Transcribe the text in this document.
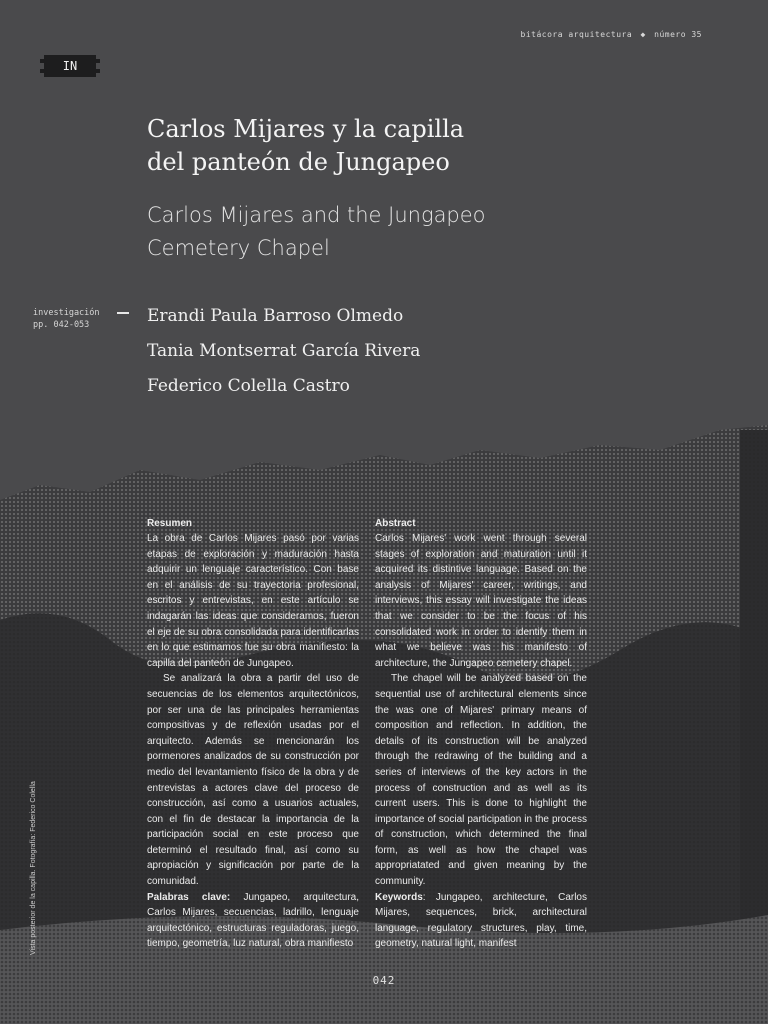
bitácora arquitectura ◆ número 35
IN
Carlos Mijares y la capilla
del panteón de Jungapeo
Carlos Mijares and the Jungapeo
Cemetery Chapel
investigación
pp. 042-053	Erandi Paula Barroso Olmedo
Tania Montserrat García Rivera
Federico Colella Castro
Resumen

La obra de Carlos Mijares pasó por varias etapas de exploración y maduración hasta adquirir un lenguaje característico. Con base en el análisis de su trayectoria profesional, escritos y entrevistas, en este artículo se indagarán las ideas que consideramos, fueron el eje de su obra consolidada para identificarlas en lo que estimamos fue su obra manifiesto: la capilla del panteón de Jungapeo.

Se analizará la obra a partir del uso de secuencias de los elementos arquitectónicos, por ser una de las principales herramientas compositivas y de reflexión usadas por el arquitecto. Además se mencionarán los pormenores analizados de su construcción por medio del levantamiento físico de la obra y de entrevistas a actores clave del proceso de construcción, así como a usuarios actuales, con el fin de destacar la importancia de la participación social en este proceso que determinó el resultado final, así como su apropiación y significación por parte de la comunidad.

Palabras clave: Jungapeo, arquitectura, Carlos Mijares, secuencias, ladrillo, lenguaje arquitectónico, estructuras reguladoras, juego, tiempo, geometría, luz natural, obra manifiesto

Abstract

Carlos Mijares' work went through several stages of exploration and maturation until it acquired its distintive language. Based on the analysis of Mijares' career, writings, and interviews, this essay will investigate the ideas that we consider to be the focus of his consolidated work in order to identify them in what we believe was his manifesto of architecture, the Jungapeo cemetery chapel.

The chapel will be analyzed based on the sequential use of architectural elements since the was one of Mijares' primary means of composition and reflection. In addition, the details of its construction will be analyzed through the redrawing of the building and a series of interviews of the key actors in the process of construction and as well as its current users. This is done to highlight the importance of social participation in the process of construction, which determined the final form, as well as how the chapel was appropriatated and given meaning by the community.

Keywords: Jungapeo, architecture, Carlos Mijares, sequences, brick, architectural language, regulatory structures, play, time, geometry, natural light, manifest

Vista posterior de la capilla. Fotografía: Federico Colella
042
